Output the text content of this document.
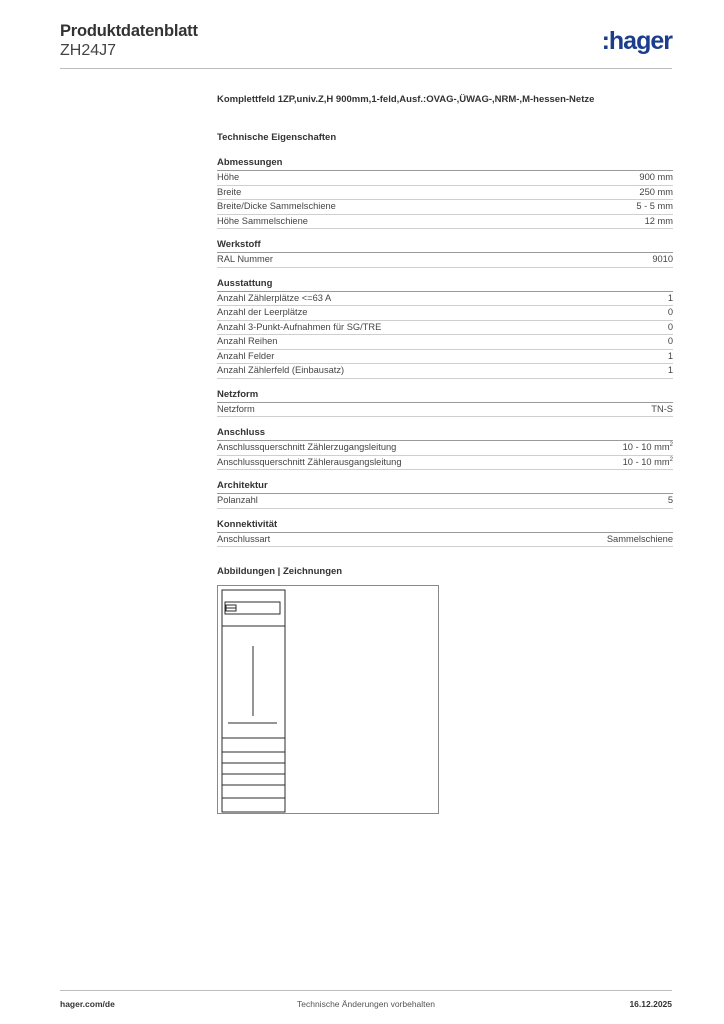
Produktdatenblatt
ZH24J7	:hager
Komplettfeld 1ZP,univ.Z,H 900mm,1-feld,Ausf.:OVAG-,ÜWAG-,NRM-,M-hessen-Netze
Technische Eigenschaften
Abmessungen
Höhe	900 mm
Breite	250 mm
Breite/Dicke Sammelschiene	5 - 5 mm
Höhe Sammelschiene	12 mm
Werkstoff
RAL Nummer	9010
Ausstattung
Anzahl Zählerplätze <=63 A	1
Anzahl der Leerplätze	0
Anzahl 3-Punkt-Aufnahmen für SG/TRE	0
Anzahl Reihen	0
Anzahl Felder	1
Anzahl Zählerfeld (Einbausatz)	1
Netzform
Netzform	TN-S
Anschluss
Anschlussquerschnitt Zählerzugangsleitung	10 - 10 $mm^2$
Anschlussquerschnitt Zählerausgangsleitung	10 - 10 $mm^2$
Architektur
Polanzahl	5
Konnektivität
Anschlussart	Sammelschiene
Abbildungen | Zeichnungen
hager.com/de	Technische Änderungen vorbehalten	16.12.2025
